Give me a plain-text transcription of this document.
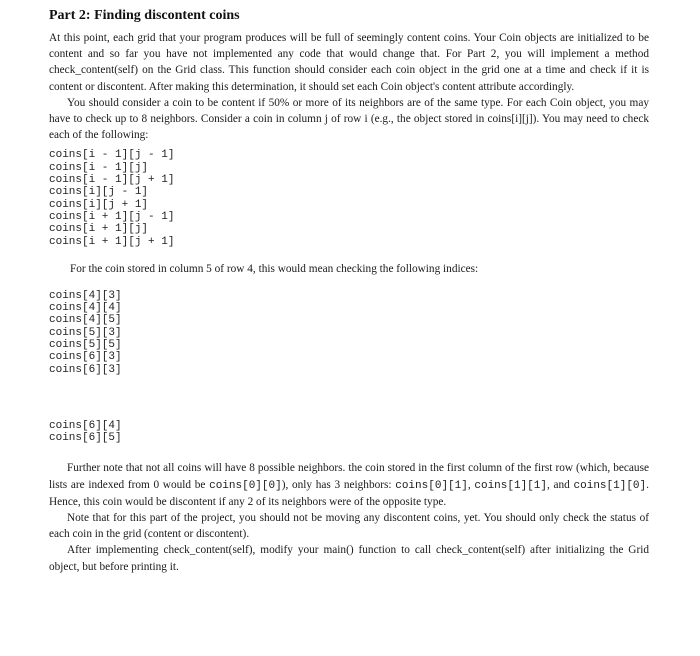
Part 2: Finding discontent coins

At this point, each grid that your program produces will be full of seemingly content coins. Your Coin objects are initialized to be content and so far you have not implemented any code that would change that. For Part 2, you will implement a method check_content(self) on the Grid class. This function should consider each coin object in the grid one at a time and check if it is content or discontent. After making this determination, it should set each Coin object's content attribute accordingly.

You should consider a coin to be content if 50% or more of its neighbors are of the same type. For each Coin object, you may have to check up to 8 neighbors. Consider a coin in column j of row i (e.g., the object stored in coins[i][j]). You may need to check each of the following:

coins[i - 1][j - 1]
coins[i - 1][j]
coins[i - 1][j + 1]
coins[i][j - 1]
coins[i][j + 1]
coins[i + 1][j - 1]
coins[i + 1][j]
coins[i + 1][j + 1]

For the coin stored in column 5 of row 4, this would mean checking the following indices:

coins[4][3]
coins[4][4]
coins[4][5]
coins[5][3]
coins[5][5]
coins[6][3]
coins[6][3]
coins[6][4]
coins[6][5]

Further note that not all coins will have 8 possible neighbors. the coin stored in the first column of the first row (which, because lists are indexed from 0 would be coins[0][0]), only has 3 neighbors: coins[0][1], coins[1][1], and coins[1][0]. Hence, this coin would be discontent if any 2 of its neighbors were of the opposite type.

Note that for this part of the project, you should not be moving any discontent coins, yet. You should only check the status of each coin in the grid (content or discontent).

After implementing check_content(self), modify your main() function to call check_content(self) after initializing the Grid object, but before printing it.
